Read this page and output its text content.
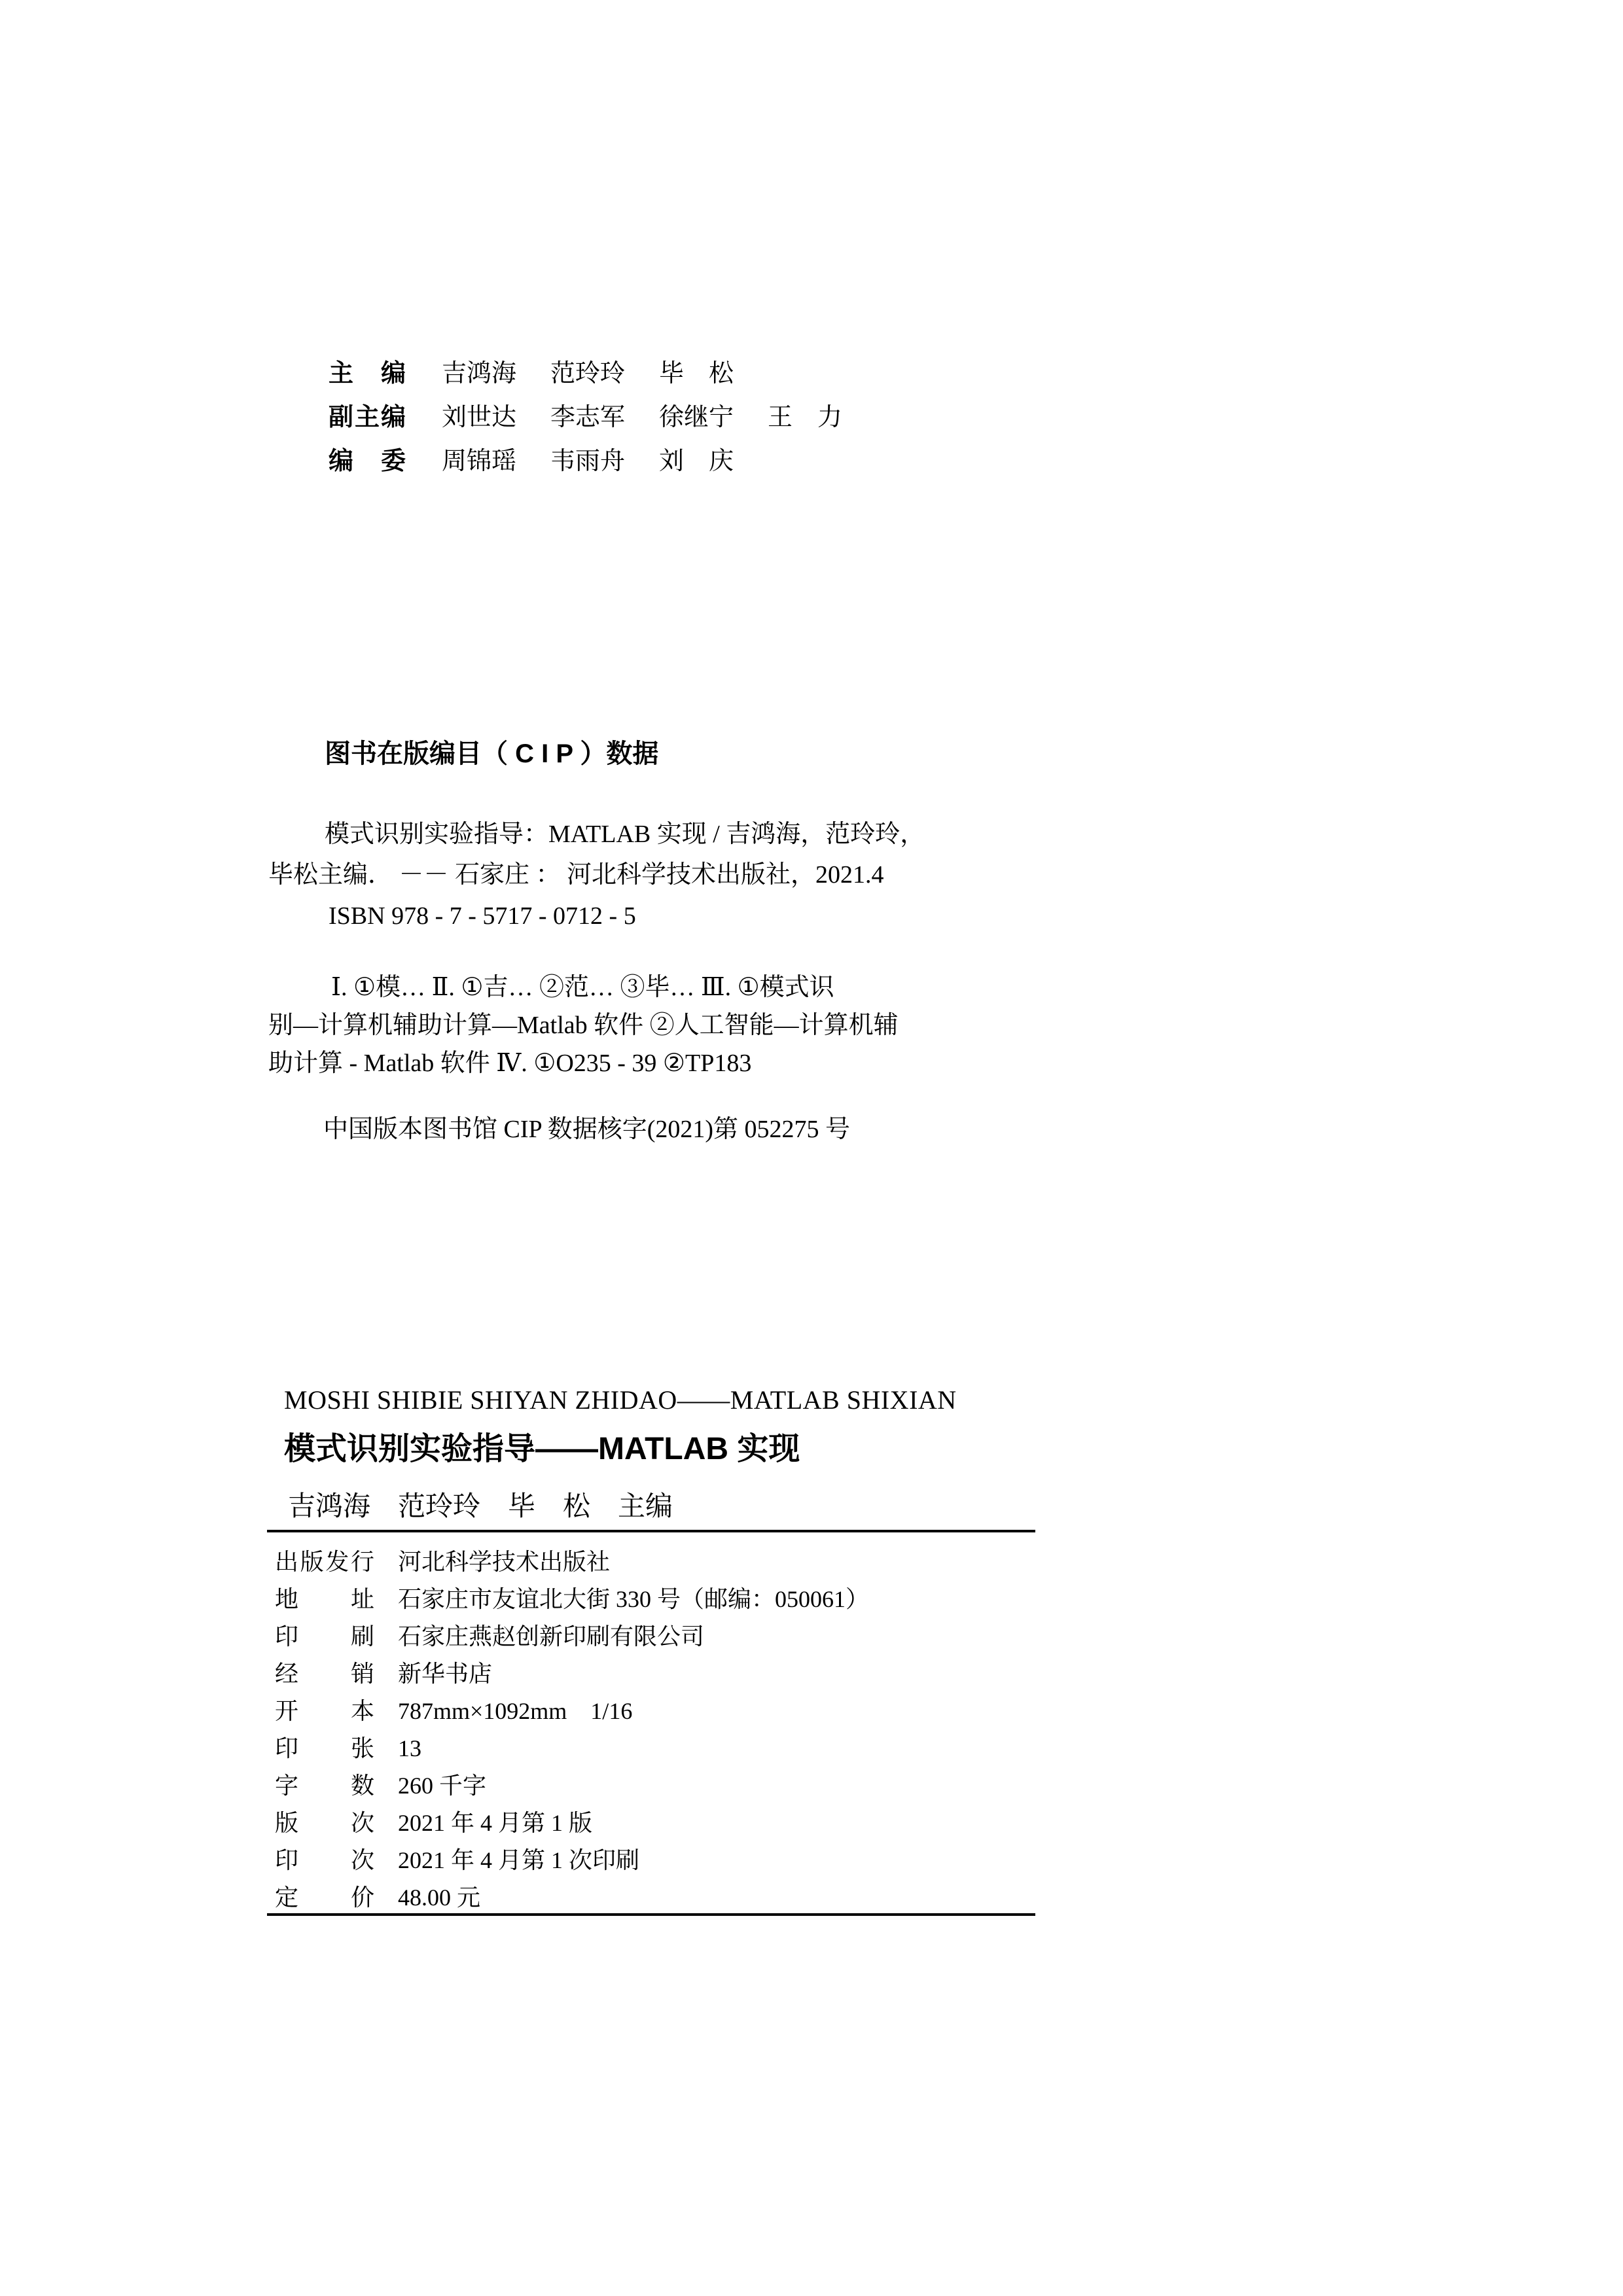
主编 吉鸿海 范玲玲 毕　松
副主编 刘世达 李志军 徐继宁 王　力
编委 周锦瑶 韦雨舟 刘　庆
图书在版编目（ C I P ）数据
模式识别实验指导：MATLAB 实现 / 吉鸿海，范玲玲，
毕松主编． －－ 石家庄 ： 河北科学技术出版社，2021.4
ISBN 978 - 7 - 5717 - 0712 - 5
Ⅰ. ①模… Ⅱ. ①吉… ②范… ③毕… Ⅲ. ①模式识
别—计算机辅助计算—Matlab 软件 ②人工智能—计算机辅
助计算 - Matlab 软件 Ⅳ. ①O235 - 39 ②TP183
中国版本图书馆 CIP 数据核字(2021)第 052275 号
MOSHI SHIBIE SHIYAN ZHIDAO——MATLAB SHIXIAN
模式识别实验指导——MATLAB 实现
吉鸿海　范玲玲　毕　松　主编
出版发行 河北科学技术出版社
地址 石家庄市友谊北大街 330 号（邮编：050061）
印刷 石家庄燕赵创新印刷有限公司
经销 新华书店
开本 787mm×1092mm　1/16
印张 13
字数 260 千字
版次 2021 年 4 月第 1 版
印次 2021 年 4 月第 1 次印刷
定价 48.00 元
